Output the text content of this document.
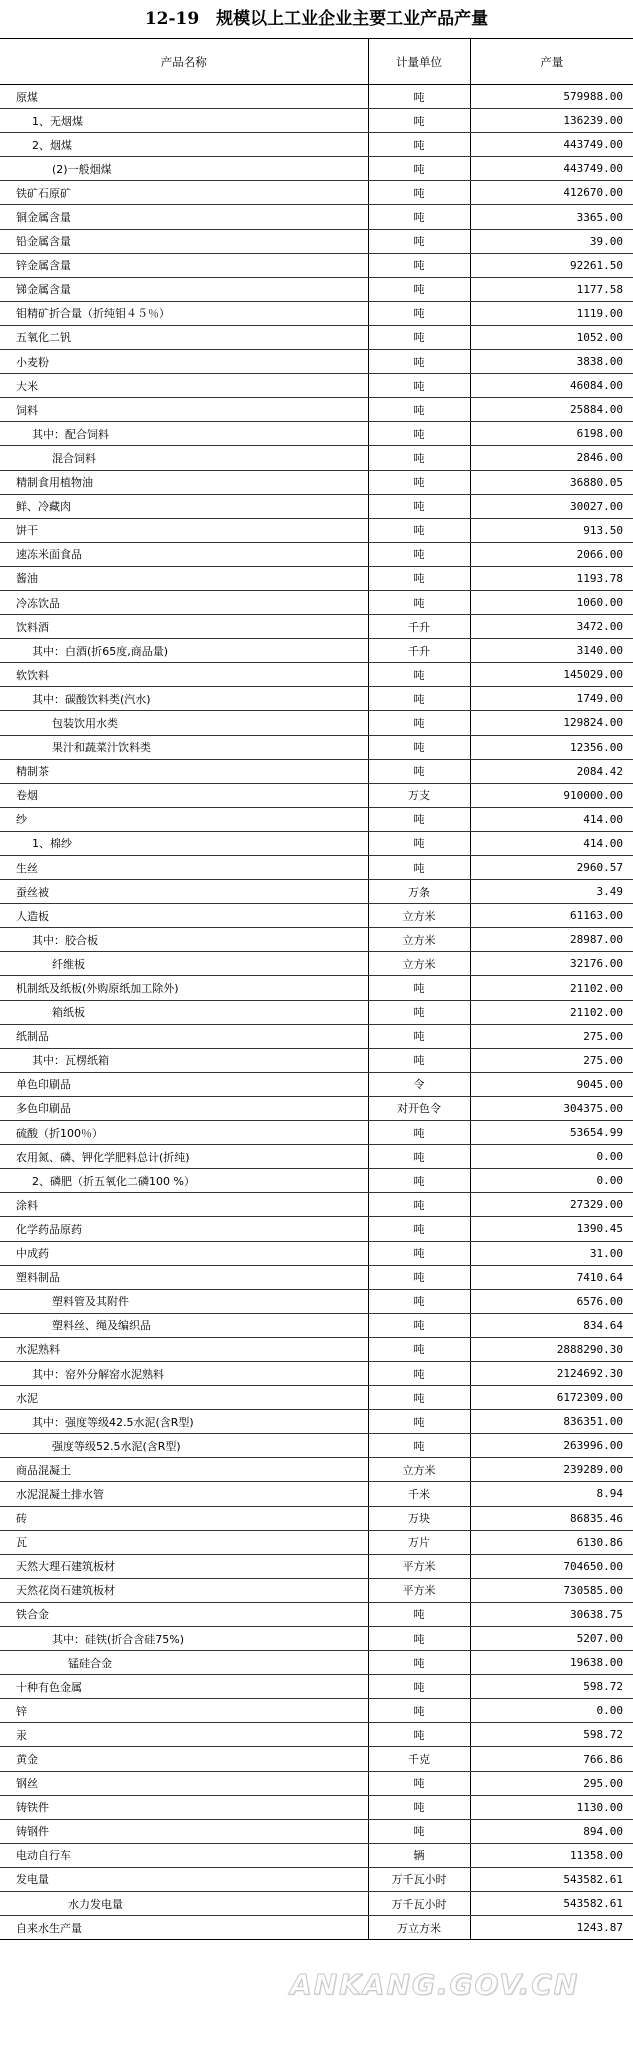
12-19　规模以上工业企业主要工业产品产量
产品名称	计量单位	产量
原煤	吨	579988.00
1、无烟煤	吨	136239.00
2、烟煤	吨	443749.00
(2)一般烟煤	吨	443749.00
铁矿石原矿	吨	412670.00
铜金属含量	吨	3365.00
铅金属含量	吨	39.00
锌金属含量	吨	92261.50
锑金属含量	吨	1177.58
钼精矿折合量（折纯钼４５％）	吨	1119.00
五氧化二钒	吨	1052.00
小麦粉	吨	3838.00
大米	吨	46084.00
饲料	吨	25884.00
其中：配合饲料	吨	6198.00
混合饲料	吨	2846.00
精制食用植物油	吨	36880.05
鲜、冷藏肉	吨	30027.00
饼干	吨	913.50
速冻米面食品	吨	2066.00
酱油	吨	1193.78
冷冻饮品	吨	1060.00
饮料酒	千升	3472.00
其中：白酒(折65度,商品量)	千升	3140.00
软饮料	吨	145029.00
其中：碳酸饮料类(汽水)	吨	1749.00
包装饮用水类	吨	129824.00
果汁和蔬菜汁饮料类	吨	12356.00
精制茶	吨	2084.42
卷烟	万支	910000.00
纱	吨	414.00
1、棉纱	吨	414.00
生丝	吨	2960.57
蚕丝被	万条	3.49
人造板	立方米	61163.00
其中：胶合板	立方米	28987.00
纤维板	立方米	32176.00
机制纸及纸板(外购原纸加工除外)	吨	21102.00
箱纸板	吨	21102.00
纸制品	吨	275.00
其中：瓦楞纸箱	吨	275.00
单色印刷品	令	9045.00
多色印刷品	对开色令	304375.00
硫酸（折100％）	吨	53654.99
农用氮、磷、钾化学肥料总计(折纯)	吨	0.00
2、磷肥（折五氧化二磷100 %）	吨	0.00
涂料	吨	27329.00
化学药品原药	吨	1390.45
中成药	吨	31.00
塑料制品	吨	7410.64
塑料管及其附件	吨	6576.00
塑料丝、绳及编织品	吨	834.64
水泥熟料	吨	2888290.30
其中：窑外分解窑水泥熟料	吨	2124692.30
水泥	吨	6172309.00
其中：强度等级42.5水泥(含R型)	吨	836351.00
强度等级52.5水泥(含R型)	吨	263996.00
商品混凝土	立方米	239289.00
水泥混凝土排水管	千米	8.94
砖	万块	86835.46
瓦	万片	6130.86
天然大理石建筑板材	平方米	704650.00
天然花岗石建筑板材	平方米	730585.00
铁合金	吨	30638.75
其中：硅铁(折合含硅75%)	吨	5207.00
锰硅合金	吨	19638.00
十种有色金属	吨	598.72
锌	吨	0.00
汞	吨	598.72
黄金	千克	766.86
钢丝	吨	295.00
铸铁件	吨	1130.00
铸钢件	吨	894.00
电动自行车	辆	11358.00
发电量	万千瓦小时	543582.61
水力发电量	万千瓦小时	543582.61
自来水生产量	万立方米	1243.87
ANKANG.GOV.CN
